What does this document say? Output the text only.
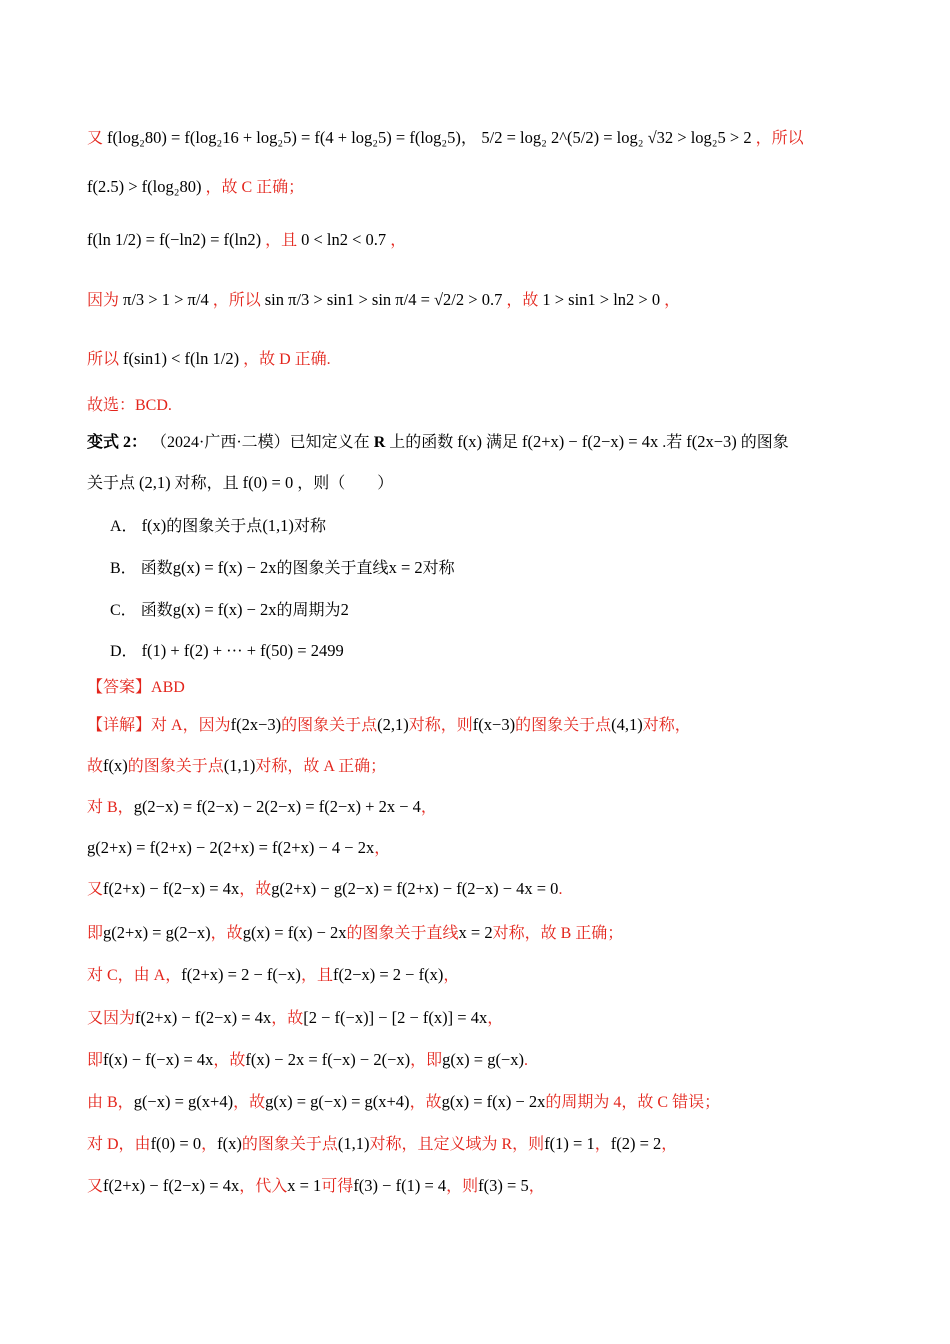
又 f(log₂80) = f(log₂16 + log₂5) = f(4 + log₂5) = f(log₂5)， 5/2 = log₂ 2^(5/2) = log₂ √32 > log₂5 > 2 ，所以
f(2.5) > f(log₂80) ，故 C 正确；
f(ln 1/2) = f(−ln2) = f(ln2) ，且 0 < ln2 < 0.7 ，
因为 π/3 > 1 > π/4 ，所以 sin π/3 > sin1 > sin π/4 = √2/2 > 0.7 ，故 1 > sin1 > ln2 > 0 ，
所以 f(sin1) < f(ln 1/2) ，故 D 正确.
故选：BCD.
变式 2： （2024·广西·二模）已知定义在 R 上的函数 f(x) 满足 f(2+x) − f(2−x) = 4x .若 f(2x−3) 的图象
关于点 (2,1) 对称，且 f(0) = 0 ，则（　　）
A． f(x)的图象关于点(1,1)对称
B． 函数g(x) = f(x) − 2x的图象关于直线x = 2对称
C． 函数g(x) = f(x) − 2x的周期为2
D． f(1) + f(2) + ··· + f(50) = 2499
【答案】ABD
【详解】对 A，因为f(2x−3)的图象关于点(2,1)对称，则f(x−3)的图象关于点(4,1)对称，
故f(x)的图象关于点(1,1)对称，故 A 正确；
对 B，g(2−x) = f(2−x) − 2(2−x) = f(2−x) + 2x − 4，
g(2+x) = f(2+x) − 2(2+x) = f(2+x) − 4 − 2x，
又f(2+x) − f(2−x) = 4x，故g(2+x) − g(2−x) = f(2+x) − f(2−x) − 4x = 0.
即g(2+x) = g(2−x)，故g(x) = f(x) − 2x的图象关于直线x = 2对称，故 B 正确；
对 C，由 A，f(2+x) = 2 − f(−x)，且f(2−x) = 2 − f(x)，
又因为f(2+x) − f(2−x) = 4x，故[2 − f(−x)] − [2 − f(x)] = 4x，
即f(x) − f(−x) = 4x，故f(x) − 2x = f(−x) − 2(−x)，即g(x) = g(−x).
由 B，g(−x) = g(x+4)，故g(x) = g(−x) = g(x+4)，故g(x) = f(x) − 2x的周期为 4，故 C 错误；
对 D，由f(0) = 0，f(x)的图象关于点(1,1)对称，且定义域为 R，则f(1) = 1，f(2) = 2，
又f(2+x) − f(2−x) = 4x，代入x = 1可得f(3) − f(1) = 4，则f(3) = 5，
